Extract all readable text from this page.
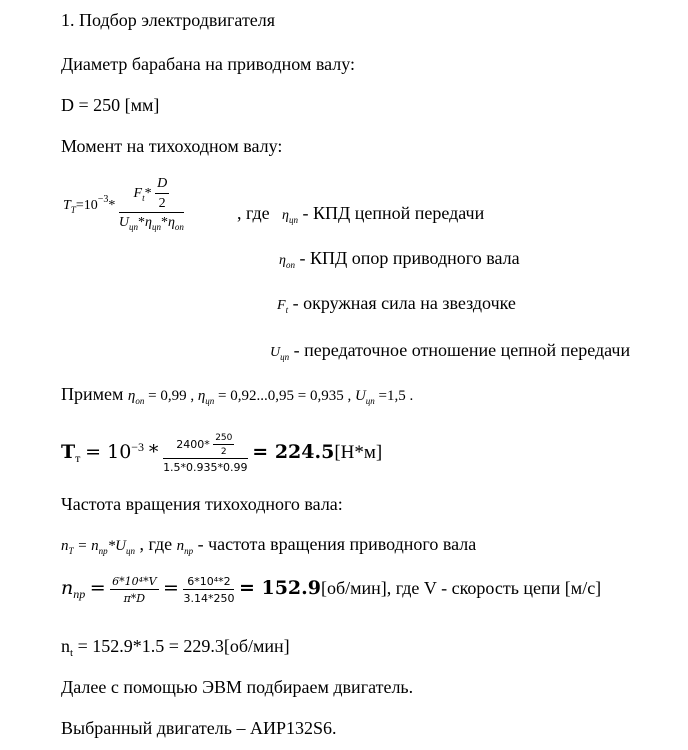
1. Подбор электродвигателя
Диаметр барабана на приводном валу:
D = 250 [мм]
Момент на тихоходном валу:
$T_T=10^{-3}* \frac{F_t* \frac{D}{2}}{U_{цп}*\eta_{цп}*\eta_{оп}}$	, где $\eta_{цп}$ - КПД цепной передачи
$\eta_{оп}$ - КПД опор приводного вала
$F_t$ - окружная сила на звездочке
$U_{цп}$ - передаточное отношение цепной передачи
Примем $\eta_{оп} = 0,99$ , $\eta_{цп} = 0,92...0,95 = 0,935$ , $U_{цп} =1,5$ .
$T_т = 10^{-3} * \frac{2400* \frac{250}{2}}{1.5*0.935*0.99} = 224.5[Н*м]$
Частота вращения тихоходного вала:
$n_T = n_{пр}*U_{цп}$ , где $n_{пр}$ - частота вращения приводного вала
$n_{пр} = \frac{\text{6*10⁴*V}}{\pi*D} = \frac{\text{6*10⁴*2}}{3.14*250} = 152.9[об/мин]$, где V - скорость цепи [м/с]
$n_t = 152.9*1.5 = 229.3[об/мин]$
Далее с помощью ЭВМ подбираем двигатель.
Выбранный двигатель – АИР132S6.
